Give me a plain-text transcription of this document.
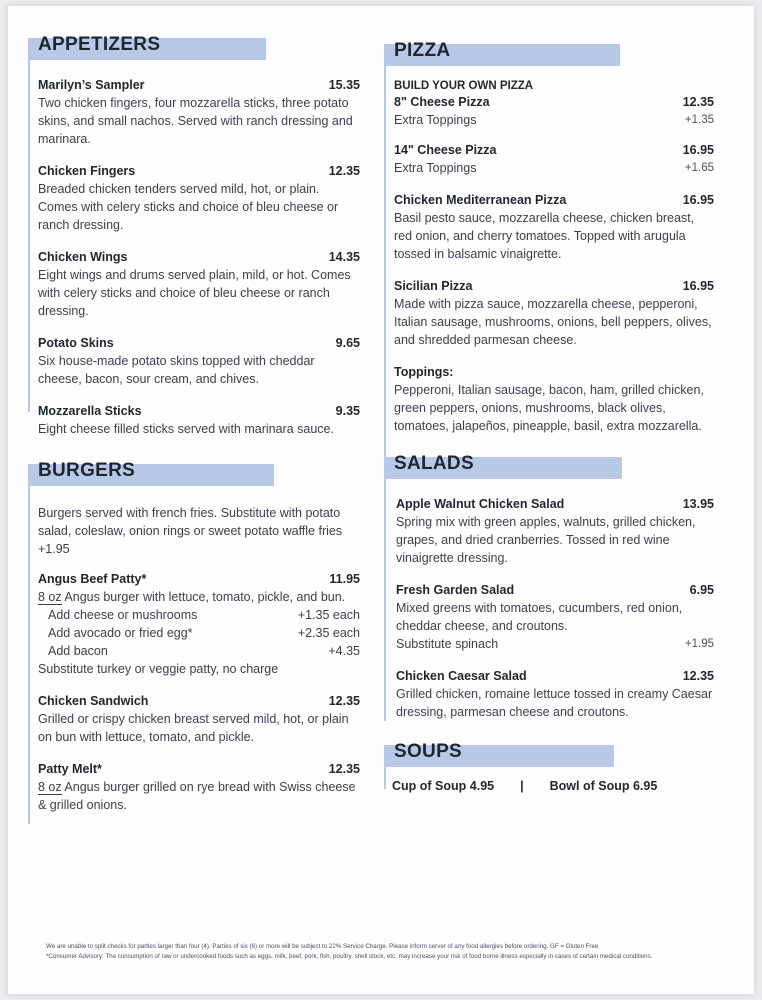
APPETIZERS
Marilyn’s Sampler	15.35

Two chicken fingers, four mozzarella sticks, three potato skins, and small nachos. Served with ranch dressing and marinara.

Chicken Fingers	12.35

Breaded chicken tenders served mild, hot, or plain. Comes with celery sticks and choice of bleu cheese or ranch dressing.

Chicken Wings	14.35

Eight wings and drums served plain, mild, or hot. Comes with celery sticks and choice of bleu cheese or ranch dressing.

Potato Skins	9.65

Six house-made potato skins topped with cheddar cheese, bacon, sour cream, and chives.

Mozzarella Sticks	9.35

Eight cheese filled sticks served with marinara sauce.

BURGERS

Burgers served with french fries. Substitute with potato salad, coleslaw, onion rings or sweet potato waffle fries +1.95

Angus Beef Patty*	11.95

8 oz Angus burger with lettuce, tomato, pickle, and bun.

Add cheese or mushrooms	+1.35 each
Add avocado or fried egg*	+2.35 each
Add bacon	+4.35

Substitute turkey or veggie patty, no charge

Chicken Sandwich	12.35

Grilled or crispy chicken breast served mild, hot, or plain on bun with lettuce, tomato, and pickle.

Patty Melt*	12.35

8 oz Angus burger grilled on rye bread with Swiss cheese & grilled onions.

PIZZA
BUILD YOUR OWN PIZZA
8" Cheese Pizza	12.35
Extra Toppings	+1.35
14" Cheese Pizza	16.95
Extra Toppings	+1.65
Chicken Mediterranean Pizza	16.95

Basil pesto sauce, mozzarella cheese, chicken breast, red onion, and cherry tomatoes. Topped with arugula tossed in balsamic vinaigrette.

Sicilian Pizza	16.95

Made with pizza sauce, mozzarella cheese, pepperoni, Italian sausage, mushrooms, onions, bell peppers, olives, and shredded parmesan cheese.

Toppings:

Pepperoni, Italian sausage, bacon, ham, grilled chicken, green peppers, onions, mushrooms, black olives, tomatoes, jalapeños, pineapple, basil, extra mozzarella.

SALADS
Apple Walnut Chicken Salad	13.95

Spring mix with green apples, walnuts, grilled chicken, grapes, and dried cranberries. Tossed in red wine vinaigrette dressing.

Fresh Garden Salad	6.95

Mixed greens with tomatoes, cucumbers, red onion, cheddar cheese, and croutons.

Substitute spinach	+1.95
Chicken Caesar Salad	12.35

Grilled chicken, romaine lettuce tossed in creamy Caesar dressing, parmesan cheese and croutons.

SOUPS
Cup of Soup 4.95 | Bowl of Soup 6.95
We are unable to split checks for parties larger than four (4). Parties of six (6) or more will be subject to 22% Service Charge. Please inform server of any food allergies before ordering. GF = Gluten Free
*Consumer Advisory: The consumption of raw or undercooked foods such as eggs, milk, beef, pork, fish, poultry, shell stock, etc. may increase your risk of food borne illness especially in cases of certain medical conditions.
